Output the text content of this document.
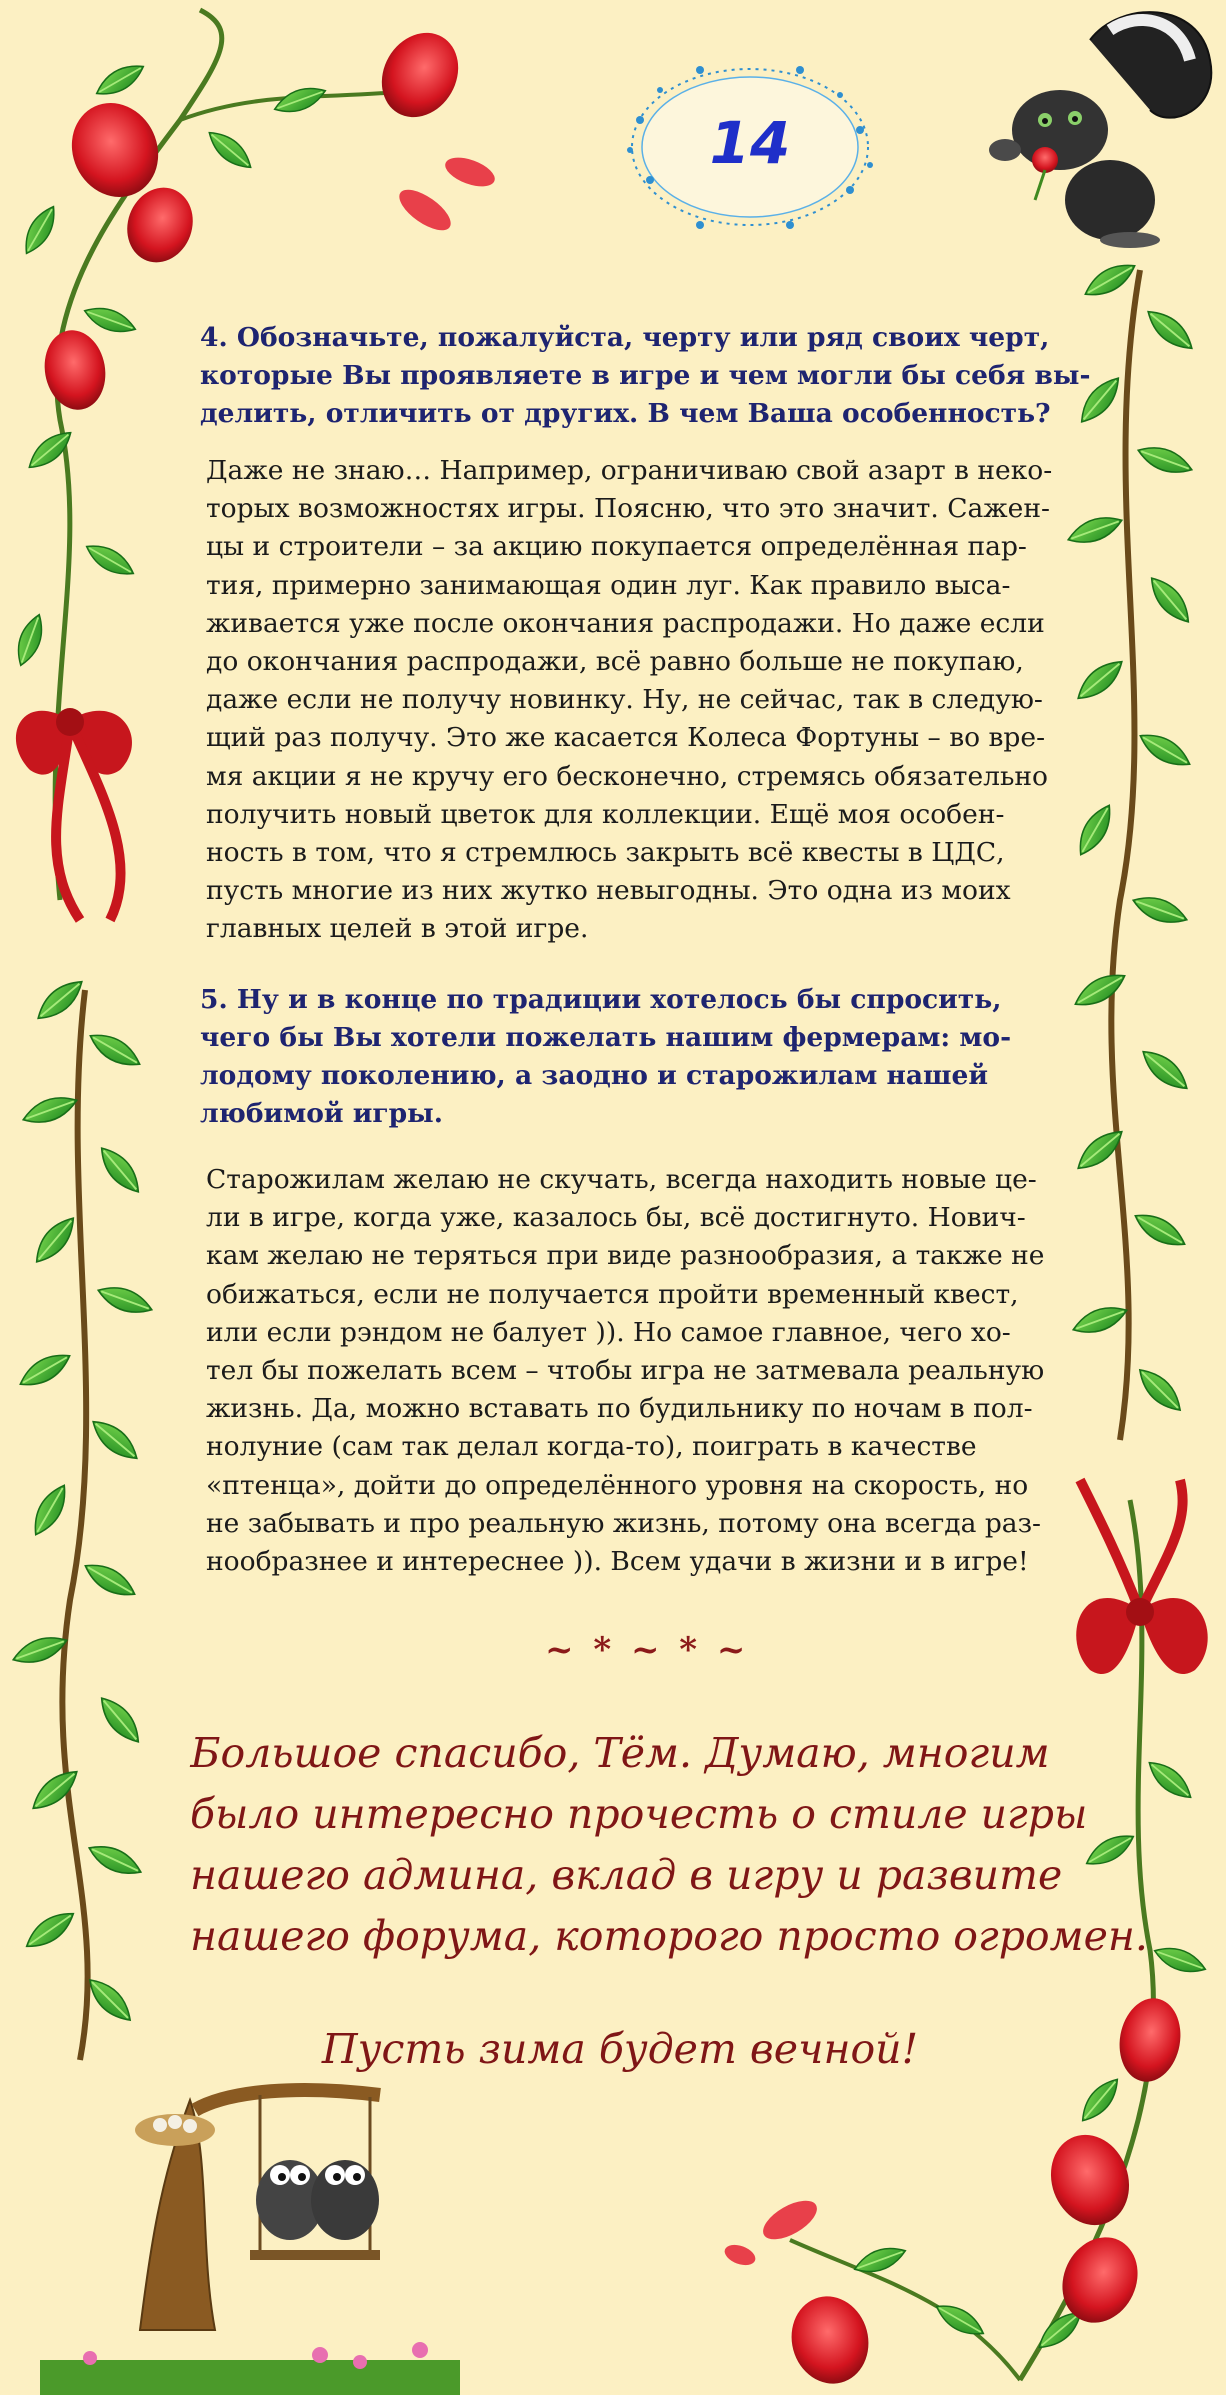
14
4. Обозначьте, пожалуйста, черту или ряд своих черт,
которые Вы проявляете в игре и чем могли бы себя вы-
делить, отличить от других. В чем Ваша особенность?
Даже не знаю… Например, ограничиваю свой азарт в неко-
торых возможностях игры. Поясню, что это значит. Сажен-
цы и строители – за акцию покупается определённая пар-
тия, примерно занимающая один луг. Как правило выса-
живается уже после окончания распродажи. Но даже если
до окончания распродажи, всё равно больше не покупаю,
даже если не получу новинку. Ну, не сейчас, так в следую-
щий раз получу. Это же касается Колеса Фортуны – во вре-
мя акции я не кручу его бесконечно, стремясь обязательно
получить новый цветок для коллекции. Ещё моя особен-
ность в том, что я стремлюсь закрыть всё квесты в ЦДС,
пусть многие из них жутко невыгодны. Это одна из моих
главных целей в этой игре.
5. Ну и в конце по традиции хотелось бы спросить,
чего бы Вы хотели пожелать нашим фермерам: мо-
лодому поколению, а заодно и старожилам нашей
любимой игры.
Старожилам желаю не скучать, всегда находить новые це-
ли в игре, когда уже, казалось бы, всё достигнуто. Нович-
кам желаю не теряться при виде разнообразия, а также не
обижаться, если не получается пройти временный квест,
или если рэндом не балует )). Но самое главное, чего хо-
тел бы пожелать всем – чтобы игра не затмевала реальную
жизнь. Да, можно вставать по будильнику по ночам в пол-
нолуние (сам так делал когда-то), поиграть в качестве
«птенца», дойти до определённого уровня на скорость, но
не забывать и про реальную жизнь, потому она всегда раз-
нообразнее и интереснее )). Всем удачи в жизни и в игре!
~ * ~ * ~
Большое спасибо, Тём. Думаю, многим
было интересно прочесть о стиле игры
нашего админа, вклад в игру и развите
нашего форума, которого просто огромен.
Пусть зима будет вечной!
